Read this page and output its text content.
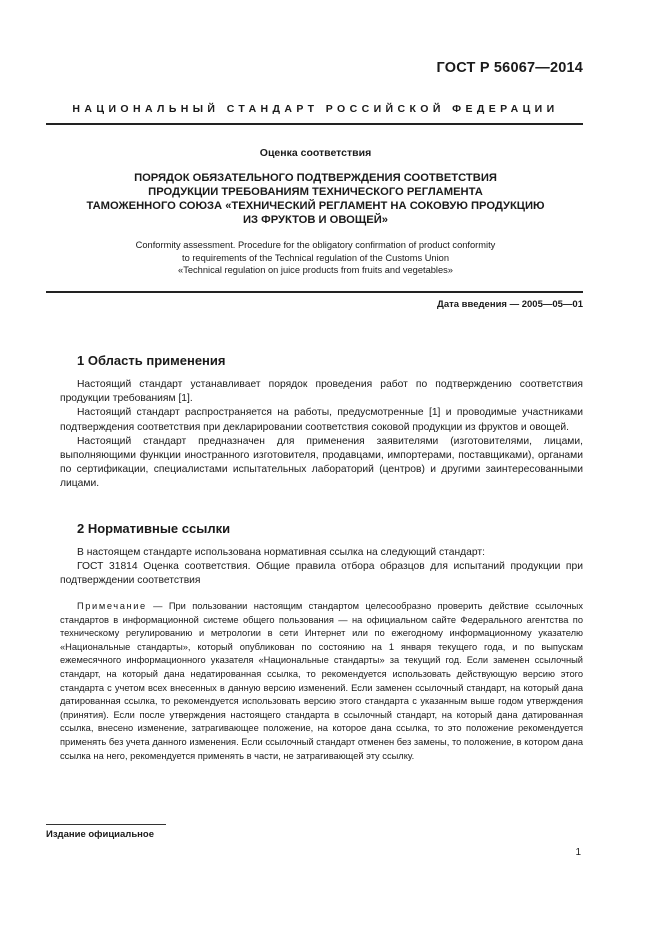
ГОСТ Р 56067—2014
НАЦИОНАЛЬНЫЙ СТАНДАРТ РОССИЙСКОЙ ФЕДЕРАЦИИ
Оценка соответствия
ПОРЯДОК ОБЯЗАТЕЛЬНОГО ПОДТВЕРЖДЕНИЯ СООТВЕТСТВИЯ
ПРОДУКЦИИ ТРЕБОВАНИЯМ ТЕХНИЧЕСКОГО РЕГЛАМЕНТА
ТАМОЖЕННОГО СОЮЗА «ТЕХНИЧЕСКИЙ РЕГЛАМЕНТ НА СОКОВУЮ ПРОДУКЦИЮ
ИЗ ФРУКТОВ И ОВОЩЕЙ»
Conformity assessment. Procedure for the obligatory confirmation of product conformity
to requirements of the Technical regulation of the Customs Union
«Technical regulation on juice products from fruits and vegetables»
Дата введения — 2005—05—01
1 Область применения

Настоящий стандарт устанавливает порядок проведения работ по подтверждению соответствия продукции требованиям [1].

Настоящий стандарт распространяется на работы, предусмотренные [1] и проводимые участниками подтверждения соответствия при декларировании соответствия соковой продукции из фруктов и овощей.

Настоящий стандарт предназначен для применения заявителями (изготовителями, лицами, выполняющими функции иностранного изготовителя, продавцами, импортерами, поставщиками), органами по сертификации, специалистами испытательных лабораторий (центров) и другими заинтересованными лицами.

2 Нормативные ссылки

В настоящем стандарте использована нормативная ссылка на следующий стандарт:

ГОСТ 31814 Оценка соответствия. Общие правила отбора образцов для испытаний продукции при подтверждении соответствия

Примечание — При пользовании настоящим стандартом целесообразно проверить действие ссылочных стандартов в информационной системе общего пользования — на официальном сайте Федерального агентства по техническому регулированию и метрологии в сети Интернет или по ежегодному информационному указателю «Национальные стандарты», который опубликован по состоянию на 1 января текущего года, и по выпускам ежемесячного информационного указателя «Национальные стандарты» за текущий год. Если заменен ссылочный стандарт, на который дана недатированная ссылка, то рекомендуется использовать действующую версию этого стандарта с учетом всех внесенных в данную версию изменений. Если заменен ссылочный стандарт, на который дана датированная ссылка, то рекомендуется использовать версию этого стандарта с указанным выше годом утверждения (принятия). Если после утверждения настоящего стандарта в ссылочный стандарт, на который дана датированная ссылка, внесено изменение, затрагивающее положение, на которое дана ссылка, то это положение рекомендуется применять без учета данного изменения. Если ссылочный стандарт отменен без замены, то положение, в котором дана ссылка на него, рекомендуется применять в части, не затрагивающей эту ссылку.
Издание официальное
1
